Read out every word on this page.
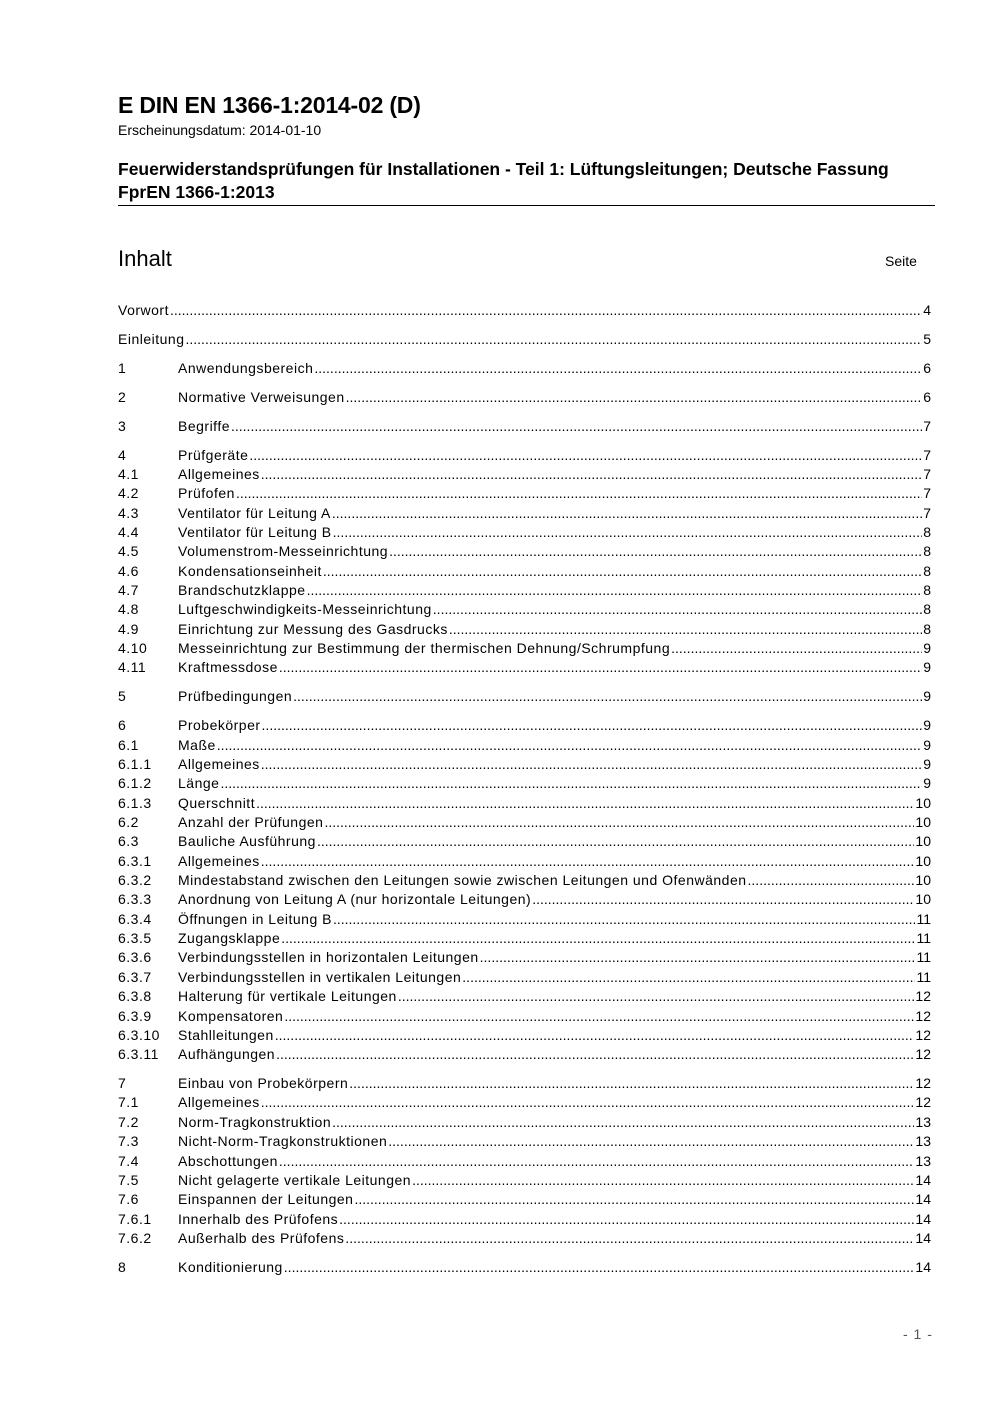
E DIN EN 1366-1:2014-02 (D)
Erscheinungsdatum: 2014-01-10
Feuerwiderstandsprüfungen für Installationen - Teil 1: Lüftungsleitungen; Deutsche Fassung FprEN 1366-1:2013
Inhalt	Seite
Vorwort .....	4
Einleitung .....	5
1	Anwendungsbereich .....	6
2	Normative Verweisungen .....	6
3	Begriffe .....	7
4	Prüfgeräte .....	7
4.1	Allgemeines .....	7
4.2	Prüfofen .....	7
4.3	Ventilator für Leitung A .....	7
4.4	Ventilator für Leitung B .....	8
4.5	Volumenstrom-Messeinrichtung .....	8
4.6	Kondensationseinheit .....	8
4.7	Brandschutzklappe .....	8
4.8	Luftgeschwindigkeits-Messeinrichtung .....	8
4.9	Einrichtung zur Messung des Gasdrucks .....	8
4.10	Messeinrichtung zur Bestimmung der thermischen Dehnung/Schrumpfung .....	9
4.11	Kraftmessdose .....	9
5	Prüfbedingungen .....	9
6	Probekörper .....	9
6.1	Maße .....	9
6.1.1	Allgemeines .....	9
6.1.2	Länge .....	9
6.1.3	Querschnitt .....	10
6.2	Anzahl der Prüfungen .....	10
6.3	Bauliche Ausführung .....	10
6.3.1	Allgemeines .....	10
6.3.2	Mindestabstand zwischen den Leitungen sowie zwischen Leitungen und Ofenwänden .....	10
6.3.3	Anordnung von Leitung A (nur horizontale Leitungen) .....	10
6.3.4	Öffnungen in Leitung B .....	11
6.3.5	Zugangsklappe .....	11
6.3.6	Verbindungsstellen in horizontalen Leitungen .....	11
6.3.7	Verbindungsstellen in vertikalen Leitungen .....	11
6.3.8	Halterung für vertikale Leitungen .....	12
6.3.9	Kompensatoren .....	12
6.3.10	Stahlleitungen .....	12
6.3.11	Aufhängungen .....	12
7	Einbau von Probekörpern .....	12
7.1	Allgemeines .....	12
7.2	Norm-Tragkonstruktion .....	13
7.3	Nicht-Norm-Tragkonstruktionen .....	13
7.4	Abschottungen .....	13
7.5	Nicht gelagerte vertikale Leitungen .....	14
7.6	Einspannen der Leitungen .....	14
7.6.1	Innerhalb des Prüfofens .....	14
7.6.2	Außerhalb des Prüfofens .....	14
8	Konditionierung .....	14
- 1 -
